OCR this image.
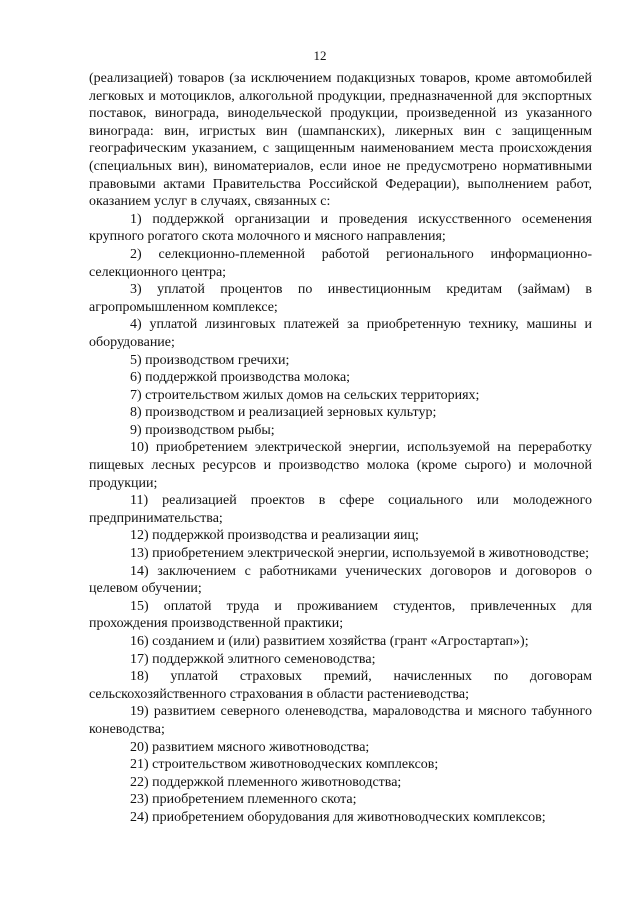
12

(реализацией) товаров (за исключением подакцизных товаров, кроме автомобилей легковых и мотоциклов, алкогольной продукции, предназначенной для экспортных поставок, винограда, винодельческой продукции, произведенной из указанного винограда: вин, игристых вин (шампанских), ликерных вин с защищенным географическим указанием, с защищенным наименованием места происхождения (специальных вин), виноматериалов, если иное не предусмотрено нормативными правовыми актами Правительства Российской Федерации), выполнением работ, оказанием услуг в случаях, связанных с:

1) поддержкой организации и проведения искусственного осеменения крупного рогатого скота молочного и мясного направления;

2) селекционно-племенной работой регионального информационно-селекционного центра;

3) уплатой процентов по инвестиционным кредитам (займам) в агропромышленном комплексе;

4) уплатой лизинговых платежей за приобретенную технику, машины и оборудование;

5) производством гречихи;

6) поддержкой производства молока;

7) строительством жилых домов на сельских территориях;

8) производством и реализацией зерновых культур;

9) производством рыбы;

10) приобретением электрической энергии, используемой на переработку пищевых лесных ресурсов и производство молока (кроме сырого) и молочной продукции;

11) реализацией проектов в сфере социального или молодежного предпринимательства;

12) поддержкой производства и реализации яиц;

13) приобретением электрической энергии, используемой в животноводстве;

14) заключением с работниками ученических договоров и договоров о целевом обучении;

15) оплатой труда и проживанием студентов, привлеченных для прохождения производственной практики;

16) созданием и (или) развитием хозяйства (грант «Агростартап»);

17) поддержкой элитного семеноводства;

18) уплатой страховых премий, начисленных по договорам сельскохозяйственного страхования в области растениеводства;

19) развитием северного оленеводства, мараловодства и мясного табунного коневодства;

20) развитием мясного животноводства;

21) строительством животноводческих комплексов;

22) поддержкой племенного животноводства;

23) приобретением племенного скота;

24) приобретением оборудования для животноводческих комплексов;
